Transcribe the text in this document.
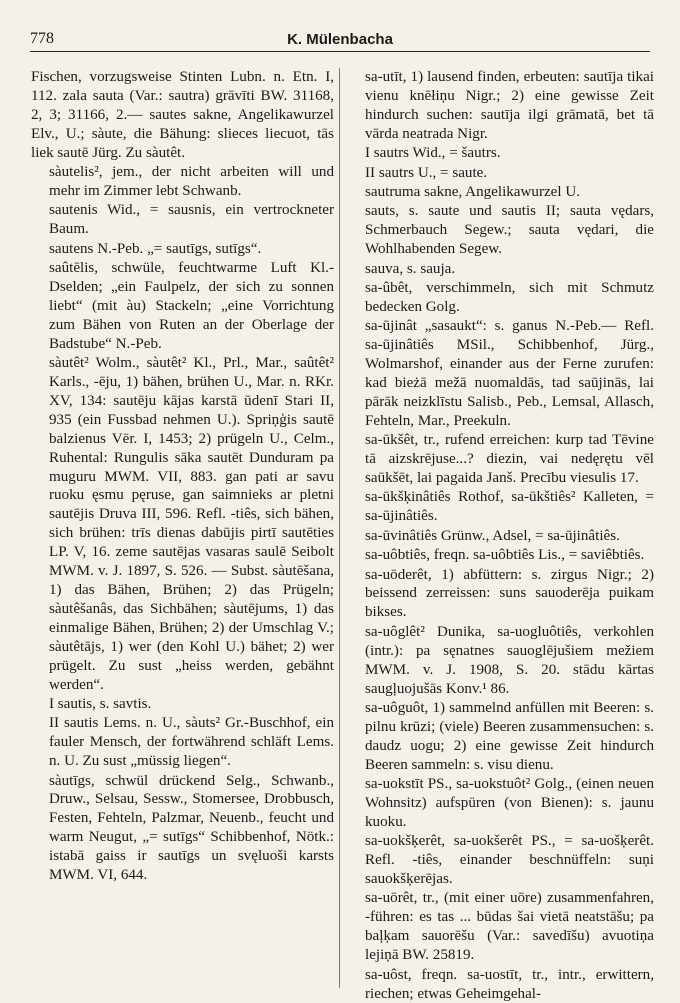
778	K. Mülenbacha

Fischen, vorzugsweise Stinten Lubn. n. Etn. I, 112. zala sauta (Var.: sautra) grāvīti BW. 31168, 2, 3; 31166, 2.— sautes sakne, Angelikawurzel Elv., U.; sàute, die Bähung: slieces liecuot, tās liek sautē Jürg. Zu sàutêt.

sàutelis², jem., der nicht arbeiten will und mehr im Zimmer lebt Schwanb.

sautenis Wid., = sausnis, ein vertrockneter Baum.

sautens N.-Peb. „= sautīgs, sutīgs“.

saûtēlis, schwüle, feuchtwarme Luft Kl.-Dselden; „ein Faulpelz, der sich zu sonnen liebt“ (mit àu) Stackeln; „eine Vorrichtung zum Bähen von Ruten an der Oberlage der Badstube“ N.-Peb.

sàutêt² Wolm., sàutêt² Kl., Prl., Mar., saûtêt² Karls., -ēju, 1) bähen, brühen U., Mar. n. RKr. XV, 134: sautēju kājas karstā ūdenī Stari II, 935 (ein Fussbad nehmen U.). Spriņģis sautē balzienus Vēr. I, 1453; 2) prügeln U., Celm., Ruhental: Rungulis sāka sautēt Dunduram pa muguru MWM. VII, 883. gan pati ar savu ruoku ęsmu pęruse, gan saimnieks ar pletni sautējis Druva III, 596. Refl. -tiês, sich bähen, sich brühen: trīs dienas dabūjis pirtī sautēties LP. V, 16. zeme sautējas vasaras saulē Seibolt MWM. v. J. 1897, S. 526. — Subst. sàutēšana, 1) das Bähen, Brühen; 2) das Prügeln; sàutêšanâs, das Sichbähen; sàutējums, 1) das einmalige Bähen, Brühen; 2) der Umschlag V.; sàutêtājs, 1) wer (den Kohl U.) bähet; 2) wer prügelt. Zu sust „heiss werden, gebähnt werden“.

I sautis, s. savtis.

II sautis Lems. n. U., sàuts² Gr.-Buschhof, ein fauler Mensch, der fortwährend schläft Lems. n. U. Zu sust „müssig liegen“.

sàutīgs, schwül drückend Selg., Schwanb., Druw., Selsau, Sessw., Stomersee, Drobbusch, Festen, Fehteln, Palzmar, Neuenb., feucht und warm Neugut, „= sutīgs“ Schibbenhof, Nötk.: istabā gaiss ir sautīgs un svęluoši karsts MWM. VI, 644.

sa-utīt, 1) lausend finden, erbeuten: sautīja tikai vienu knēłiņu Nigr.; 2) eine gewisse Zeit hindurch suchen: sautīja ilgi grāmatā, bet tā vārda neatrada Nigr.

I sautrs Wid., = šautrs.

II sautrs U., = saute.

sautruma sakne, Angelikawurzel U.

sauts, s. saute und sautis II; sauta vędars, Schmerbauch Segew.; sauta vędari, die Wohlhabenden Segew.

sauva, s. sauja.

sa-ûbêt, verschimmeln, sich mit Schmutz bedecken Golg.

sa-ūjinât „sasaukt“: s. ganus N.-Peb.— Refl. sa-ūjinâtiês MSil., Schibbenhof, Jürg., Wolmarshof, einander aus der Ferne zurufen: kad bieżā mežā nuomaldās, tad saūjinās, lai pārāk neizklīstu Salisb., Peb., Lemsal, Allasch, Fehteln, Mar., Preekuln.

sa-ūkšêt, tr., rufend erreichen: kurp tad Tēvine tā aizskrējuse...? diezin, vai nedęrętu vēl saūkšēt, lai pagaida Janš. Precību viesulis 17.

sa-ūkšķinâtiês Rothof, sa-ūkštiês² Kalleten, = sa-ūjinâtiês.

sa-ūvinâtiês Grünw., Adsel, = sa-ūjinâtiês.

sa-uôbtiês, freqn. sa-uôbtiês Lis., = saviêbtiês.

sa-uōderêt, 1) abfüttern: s. zirgus Nigr.; 2) beissend zerreissen: suns sauoderēja puikam bikses.

sa-uôglêt² Dunika, sa-uogluôtiês, verkohlen (intr.): pa sęnatnes sauoglējušiem mežiem MWM. v. J. 1908, S. 20. stādu kārtas saugļuojušās Konv.¹ 86.

sa-uôguôt, 1) sammelnd anfüllen mit Beeren: s. pilnu krūzi; (viele) Beeren zusammensuchen: s. daudz uogu; 2) eine gewisse Zeit hindurch Beeren sammeln: s. visu dienu.

sa-uokstīt PS., sa-uokstuôt² Golg., (einen neuen Wohnsitz) aufspüren (von Bienen): s. jaunu kuoku.

sa-uokšķerêt, sa-uokšerêt PS., = sa-uošķerêt. Refl. -tiês, einander beschnüffeln: suņi sauokšķerējas.

sa-uōrêt, tr., (mit einer uōre) zusammenfahren, -führen: es tas ... būdas šai vietā neatstāšu; pa baļķam sauorēšu (Var.: savedīšu) avuotiņa lejiņā BW. 25819.

sa-uôst, freqn. sa-uostīt, tr., intr., erwittern, riechen; etwas Geheimgehal-
